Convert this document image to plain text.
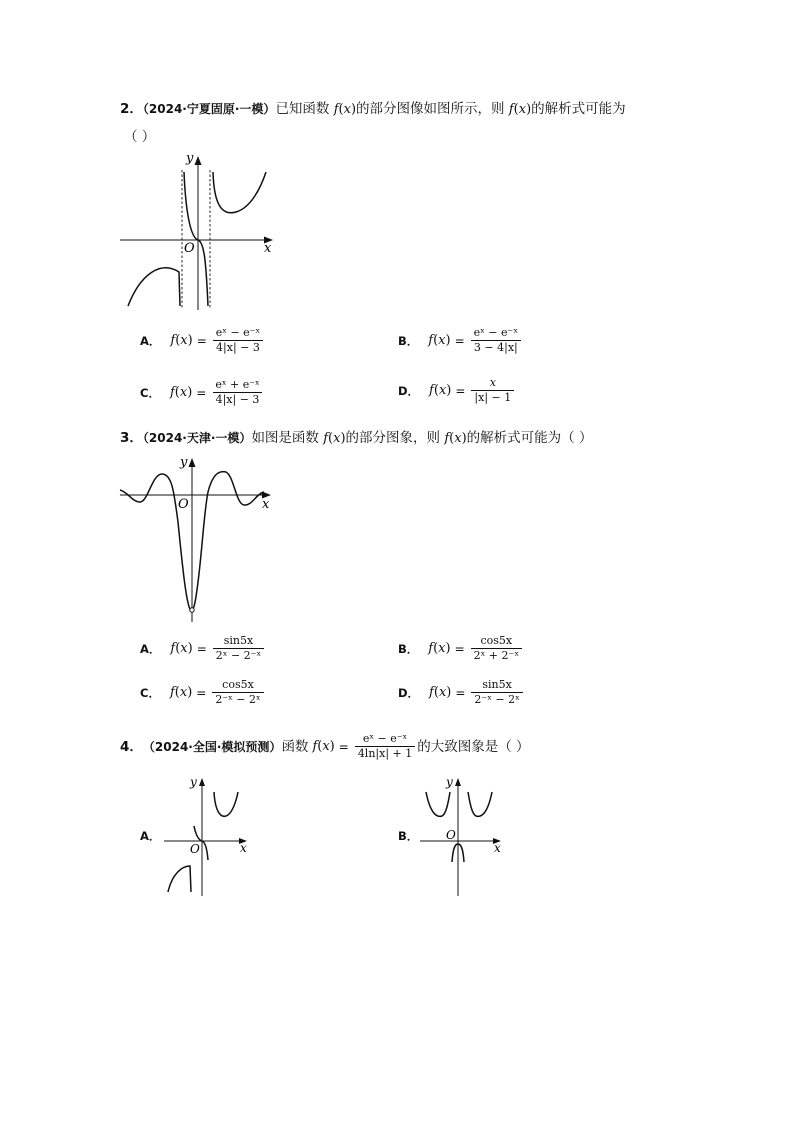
2．（2024·宁夏固原·一模）已知函数 f(x)的部分图像如图所示，则 f(x)的解析式可能为
（ ）
y
x
O
A． $f(x) = \frac{\text{eˣ − e⁻ˣ}}{4|x| - 3}$	B． $f(x) = \frac{\text{eˣ − e⁻ˣ}}{3 - 4|x|}$
C． $f(x) = \frac{\text{eˣ + e⁻ˣ}}{4|x| - 3}$	D． $f(x) = \frac{x}{|x| - 1}$
3．（2024·天津·一模）如图是函数 f(x)的部分图象，则 f(x)的解析式可能为（ ）
y
x
O
A． $f(x) = \frac{\sin 5x}{\text{2ˣ − 2⁻ˣ}}$	B． $f(x) = \frac{\cos 5x}{\text{2ˣ + 2⁻ˣ}}$
C． $f(x) = \frac{\cos 5x}{\text{2⁻ˣ − 2ˣ}}$	D． $f(x) = \frac{\sin 5x}{\text{2⁻ˣ − 2ˣ}}$
4． （2024·全国·模拟预测） 函数 $f(x) = \frac{\text{eˣ − e⁻ˣ}}{4\ln|x| + 1}$ 的大致图象是（ ）
A．
y
x
O
B．
y
x
O
